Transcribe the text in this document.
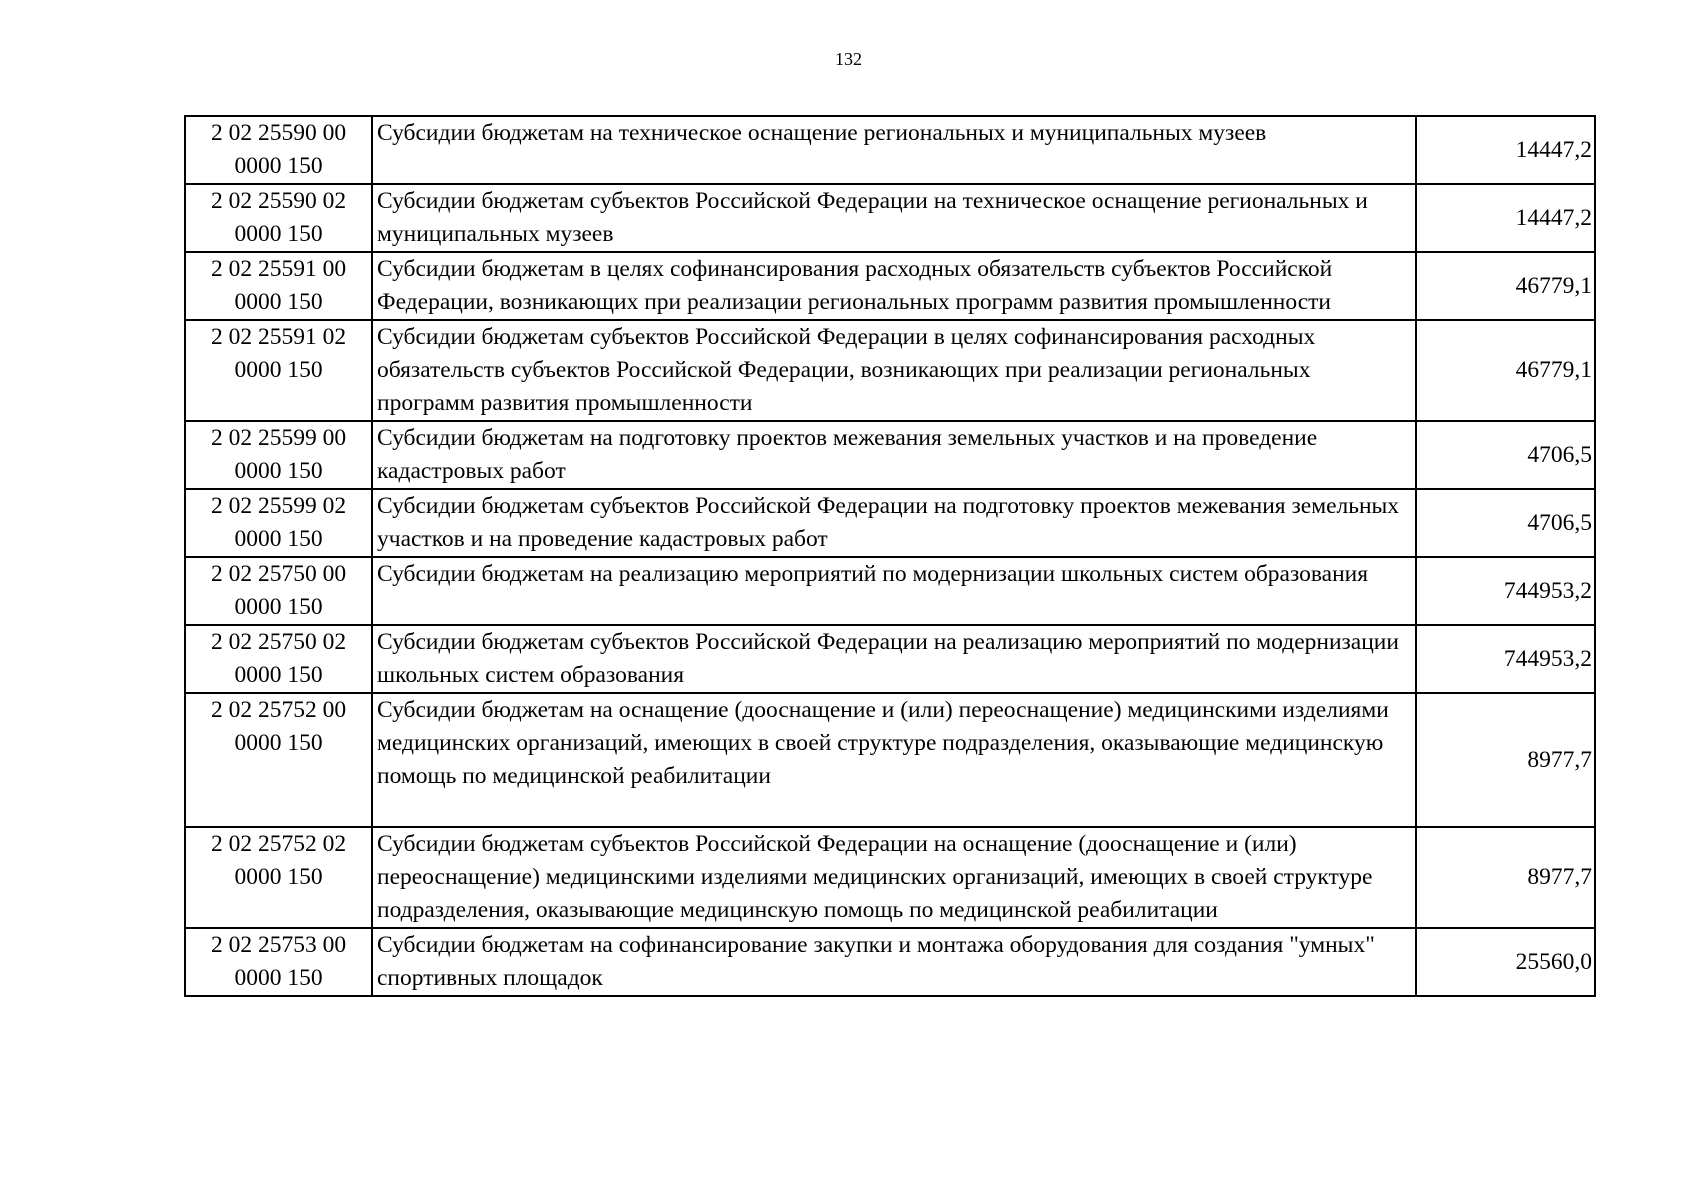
132
2 02 25590 00 0000 150	Субсидии бюджетам на техническое оснащение региональных и муниципальных музеев	14447,2
2 02 25590 02 0000 150	Субсидии бюджетам субъектов Российской Федерации на техническое оснащение региональных и муниципальных музеев	14447,2
2 02 25591 00 0000 150	Субсидии бюджетам в целях софинансирования расходных обязательств субъектов Российской Федерации, возникающих при реализации региональных программ развития промышленности	46779,1
2 02 25591 02 0000 150	Субсидии бюджетам субъектов Российской Федерации в целях софинансирования расходных обязательств субъектов Российской Федерации, возникающих при реализации региональных программ развития промышленности	46779,1
2 02 25599 00 0000 150	Субсидии бюджетам на подготовку проектов межевания земельных участков и на проведение кадастровых работ	4706,5
2 02 25599 02 0000 150	Субсидии бюджетам субъектов Российской Федерации на подготовку проектов межевания земельных участков и на проведение кадастровых работ	4706,5
2 02 25750 00 0000 150	Субсидии бюджетам на реализацию мероприятий по модернизации школьных систем образования	744953,2
2 02 25750 02 0000 150	Субсидии бюджетам субъектов Российской Федерации на реализацию мероприятий по модернизации школьных систем образования	744953,2
2 02 25752 00 0000 150	Субсидии бюджетам на оснащение (дооснащение и (или) переоснащение) медицинскими изделиями медицинских организаций, имеющих в своей структуре подразделения, оказывающие медицинскую помощь по медицинской реабилитации	8977,7
2 02 25752 02 0000 150	Субсидии бюджетам субъектов Российской Федерации на оснащение (дооснащение и (или) переоснащение) медицинскими изделиями медицинских организаций, имеющих в своей структуре подразделения, оказывающие медицинскую помощь по медицинской реабилитации	8977,7
2 02 25753 00 0000 150	Субсидии бюджетам на софинансирование закупки и монтажа оборудования для создания "умных" спортивных площадок	25560,0
